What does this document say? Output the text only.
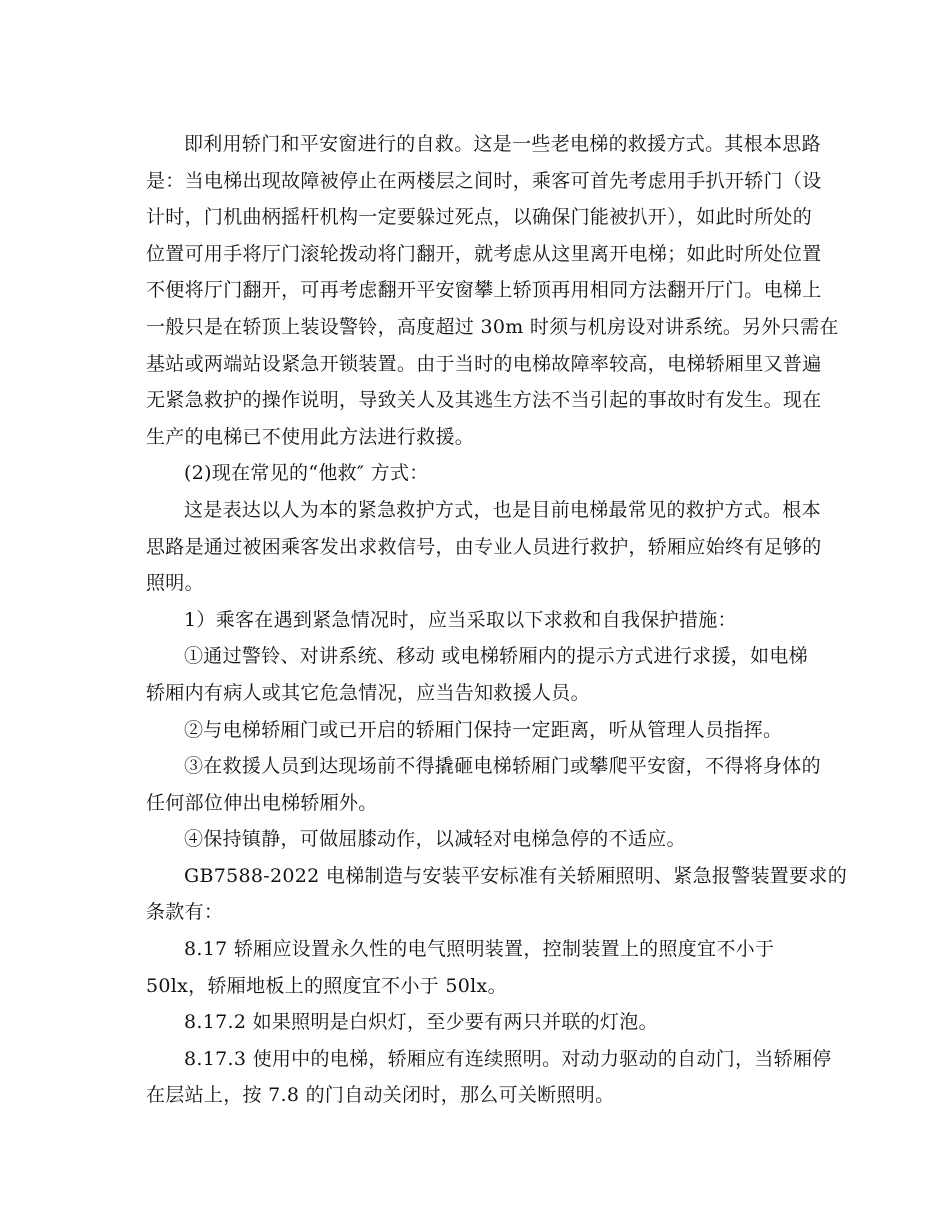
即利用轿门和平安窗进行的自救。这是一些老电梯的救援方式。其根本思路
是：当电梯出现故障被停止在两楼层之间时，乘客可首先考虑用手扒开轿门（设
计时，门机曲柄摇杆机构一定要躲过死点，以确保门能被扒开），如此时所处的
位置可用手将厅门滚轮拨动将门翻开，就考虑从这里离开电梯；如此时所处位置
不便将厅门翻开，可再考虑翻开平安窗攀上轿顶再用相同方法翻开厅门。电梯上
一般只是在轿顶上装设警铃，高度超过 30m 时须与机房设对讲系统。另外只需在
基站或两端站设紧急开锁装置。由于当时的电梯故障率较高，电梯轿厢里又普遍
无紧急救护的操作说明，导致关人及其逃生方法不当引起的事故时有发生。现在
生产的电梯已不使用此方法进行救援。

(2)现在常见的“他救″ 方式：

这是表达以人为本的紧急救护方式，也是目前电梯最常见的救护方式。根本
思路是通过被困乘客发出求救信号，由专业人员进行救护，轿厢应始终有足够的
照明。

1）乘客在遇到紧急情况时，应当采取以下求救和自我保护措施：

①通过警铃、对讲系统、移动 或电梯轿厢内的提示方式进行求援，如电梯
轿厢内有病人或其它危急情况，应当告知救援人员。

②与电梯轿厢门或已开启的轿厢门保持一定距离，听从管理人员指挥。

③在救援人员到达现场前不得撬砸电梯轿厢门或攀爬平安窗，不得将身体的
任何部位伸出电梯轿厢外。

④保持镇静，可做屈膝动作，以减轻对电梯急停的不适应。

GB7588-2022 电梯制造与安装平安标准有关轿厢照明、紧急报警装置要求的
条款有：

8.17 轿厢应设置永久性的电气照明装置，控制装置上的照度宜不小于
50lx，轿厢地板上的照度宜不小于 50lx。

8.17.2 如果照明是白炽灯，至少要有两只并联的灯泡。

8.17.3 使用中的电梯，轿厢应有连续照明。对动力驱动的自动门，当轿厢停
在层站上，按 7.8 的门自动关闭时，那么可关断照明。
